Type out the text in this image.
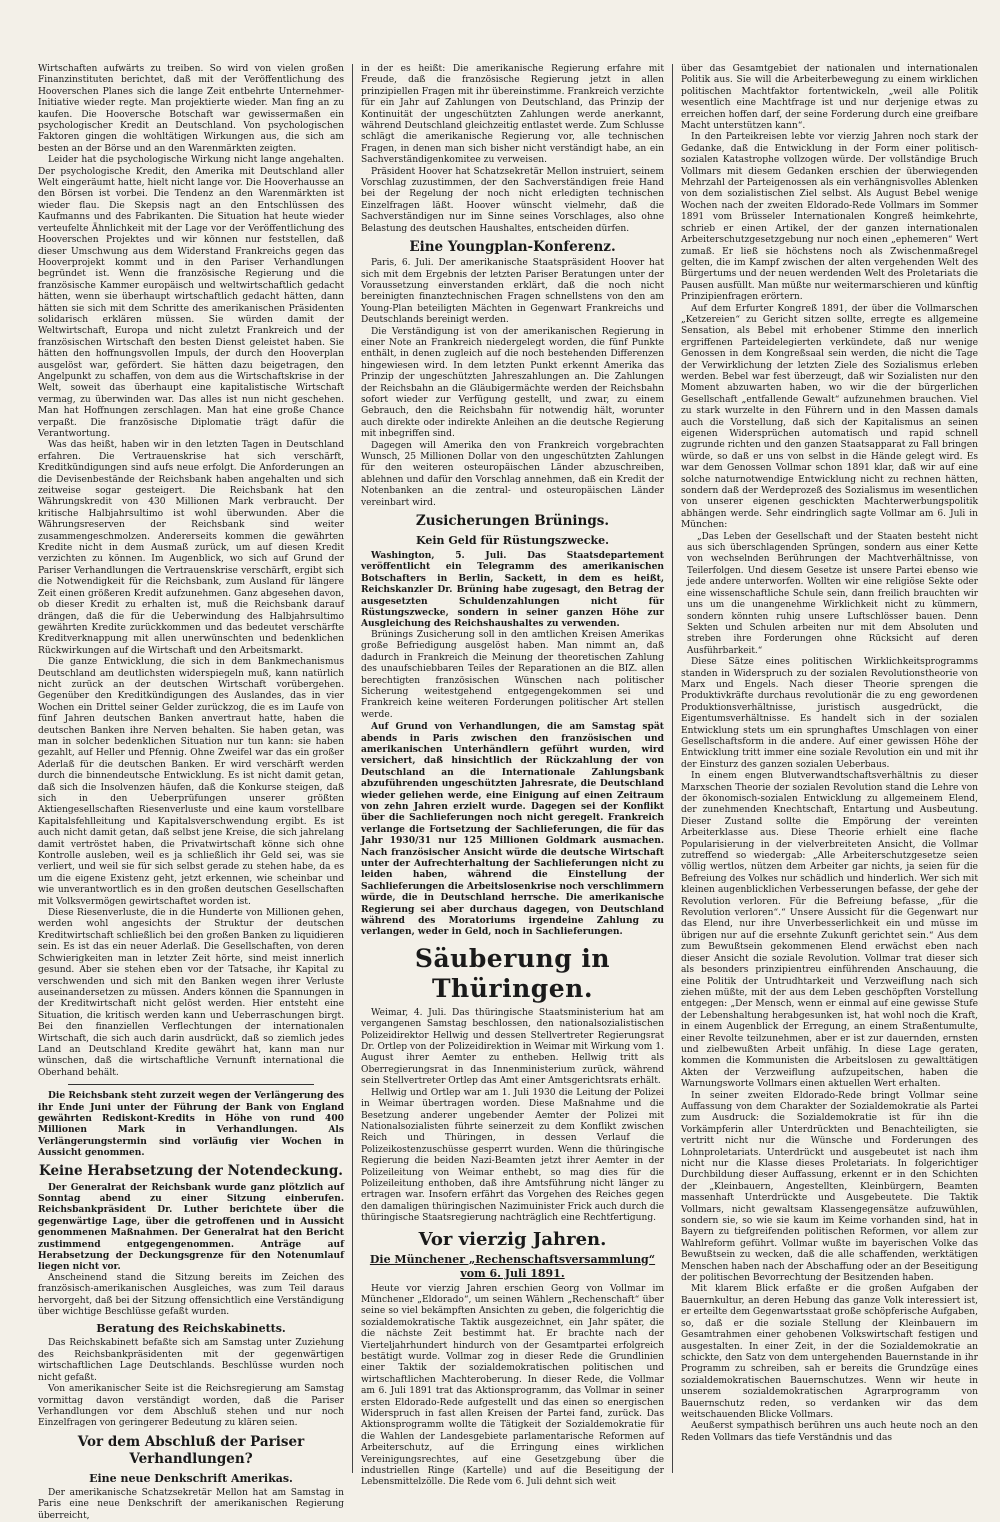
Wirtschaften aufwärts zu treiben. So wird von vielen großen Finanzinstituten berichtet, daß mit der Veröffentlichung des Hooverschen Planes sich die lange Zeit entbehrte Unternehmer-Initiative wieder regte. Man projektierte wieder. Man fing an zu kaufen. Die Hooversche Botschaft war gewissermaßen ein psychologischer Kredit an Deutschland. Von psychologischen Faktoren gingen die wohltätigen Wirkungen aus, die sich am besten an der Börse und an den Warenmärkten zeigten.

Leider hat die psychologische Wirkung nicht lange angehalten. Der psychologische Kredit, den Amerika mit Deutschland aller Welt eingeräumt hatte, hielt nicht lange vor. Die Hooverhausse an den Börsen ist vorbei. Die Tendenz an den Warenmärkten ist wieder flau. Die Skepsis nagt an den Entschlüssen des Kaufmanns und des Fabrikanten. Die Situation hat heute wieder verteufelte Ähnlichkeit mit der Lage vor der Veröffentlichung des Hooverschen Projektes und wir können nur feststellen, daß dieser Umschwung aus dem Widerstand Frankreichs gegen das Hooverprojekt kommt und in den Pariser Verhandlungen begründet ist. Wenn die französische Regierung und die französische Kammer europäisch und weltwirtschaftlich gedacht hätten, wenn sie überhaupt wirtschaftlich gedacht hätten, dann hätten sie sich mit dem Schritte des amerikanischen Präsidenten solidarisch erklären müssen. Sie würden damit der Weltwirtschaft, Europa und nicht zuletzt Frankreich und der französischen Wirtschaft den besten Dienst geleistet haben. Sie hätten den hoffnungsvollen Impuls, der durch den Hooverplan ausgelöst war, gefördert. Sie hätten dazu beigetragen, den Angelpunkt zu schaffen, von dem aus die Wirtschaftskrise in der Welt, soweit das überhaupt eine kapitalistische Wirtschaft vermag, zu überwinden war. Das alles ist nun nicht geschehen. Man hat Hoffnungen zerschlagen. Man hat eine große Chance verpaßt. Die französische Diplomatie trägt dafür die Verantwortung.

Was das heißt, haben wir in den letzten Tagen in Deutschland erfahren. Die Vertrauenskrise hat sich verschärft, Kreditkündigungen sind aufs neue erfolgt. Die Anforderungen an die Devisenbestände der Reichsbank haben angehalten und sich zeitweise sogar gesteigert. Die Reichsbank hat den Währungskredit von 430 Millionen Mark verbraucht. Der kritische Halbjahrsultimo ist wohl überwunden. Aber die Währungsreserven der Reichsbank sind weiter zusammengeschmolzen. Andererseits kommen die gewährten Kredite nicht in dem Ausmaß zurück, um auf diesen Kredit verzichten zu können. Im Augenblick, wo sich auf Grund der Pariser Verhandlungen die Vertrauenskrise verschärft, ergibt sich die Notwendigkeit für die Reichsbank, zum Ausland für längere Zeit einen größeren Kredit aufzunehmen. Ganz abgesehen davon, ob dieser Kredit zu erhalten ist, muß die Reichsbank darauf drängen, daß die für die Ueberwindung des Halbjahrsultimo gewährten Kredite zurückkommen und das bedeutet verschärfte Kreditverknappung mit allen unerwünschten und bedenklichen Rückwirkungen auf die Wirtschaft und den Arbeitsmarkt.

Die ganze Entwicklung, die sich in dem Bankmechanismus Deutschland am deutlichsten widerspiegeln muß, kann natürlich nicht zurück an der deutschen Wirtschaft vorübergehen. Gegenüber den Kreditkündigungen des Auslandes, das in vier Wochen ein Drittel seiner Gelder zurückzog, die es im Laufe von fünf Jahren deutschen Banken anvertraut hatte, haben die deutschen Banken ihre Nerven behalten. Sie haben getan, was man in solcher bedenklichen Situation nur tun kann: sie haben gezahlt, auf Heller und Pfennig. Ohne Zweifel war das ein großer Aderlaß für die deutschen Banken. Er wird verschärft werden durch die binnendeutsche Entwicklung. Es ist nicht damit getan, daß sich die Insolvenzen häufen, daß die Konkurse steigen, daß sich in den Ueberprüfungen unserer größten Aktiengesellschaften Riesenverluste und eine kaum vorstellbare Kapitalsfehlleitung und Kapitalsverschwendung ergibt. Es ist auch nicht damit getan, daß selbst jene Kreise, die sich jahrelang damit vertröstet haben, die Privatwirtschaft könne sich ohne Kontrolle ausleben, weil es ja schließlich ihr Geld sei, was sie verliert, und weil sie für sich selbst gerade zu stehen habe, da es um die eigene Existenz geht, jetzt erkennen, wie scheinbar und wie unverantwortlich es in den großen deutschen Gesellschaften mit Volksvermögen gewirtschaftet worden ist.

Diese Riesenverluste, die in die Hunderte von Millionen gehen, werden wohl angesichts der Struktur der deutschen Kreditwirtschaft schließlich bei den großen Banken zu liquidieren sein. Es ist das ein neuer Aderlaß. Die Gesellschaften, von deren Schwierigkeiten man in letzter Zeit hörte, sind meist innerlich gesund. Aber sie stehen eben vor der Tatsache, ihr Kapital zu verschwenden und sich mit den Banken wegen ihrer Verluste auseinandersetzen zu müssen. Anders können die Spannungen in der Kreditwirtschaft nicht gelöst werden. Hier entsteht eine Situation, die kritisch werden kann und Ueberraschungen birgt. Bei den finanziellen Verflechtungen der internationalen Wirtschaft, die sich auch darin ausdrückt, daß so ziemlich jedes Land an Deutschland Kredite gewährt hat, kann man nur wünschen, daß die wirtschaftliche Vernunft international die Oberhand behält.

Die Reichsbank steht zurzeit wegen der Verlängerung des ihr Ende Juni unter der Führung der Bank von England gewährten Rediskont-Kredits in Höhe von rund 400 Millionen Mark in Verhandlungen. Als Verlängerungstermin sind vorläufig vier Wochen in Aussicht genommen.

Keine Herabsetzung der Notendeckung.

Der Generalrat der Reichsbank wurde ganz plötzlich auf Sonntag abend zu einer Sitzung einberufen. Reichsbankpräsident Dr. Luther berichtete über die gegenwärtige Lage, über die getroffenen und in Aussicht genommenen Maßnahmen. Der Generalrat hat den Bericht zustimmend entgegengenommen. Anträge auf Herabsetzung der Deckungsgrenze für den Notenumlauf liegen nicht vor.

Anscheinend stand die Sitzung bereits im Zeichen des französisch-amerikanischen Ausgleiches, was zum Teil daraus hervorgeht, daß bei der Sitzung offensichtlich eine Verständigung über wichtige Beschlüsse gefaßt wurden.

Beratung des Reichskabinetts.

Das Reichskabinett befaßte sich am Samstag unter Zuziehung des Reichsbankpräsidenten mit der gegenwärtigen wirtschaftlichen Lage Deutschlands. Beschlüsse wurden noch nicht gefaßt.

Von amerikanischer Seite ist die Reichsregierung am Samstag vormittag davon verständigt worden, daß die Pariser Verhandlungen vor dem Abschluß stehen und nur noch Einzelfragen von geringerer Bedeutung zu klären seien.

Vor dem Abschluß der Pariser Verhandlungen?
Eine neue Denkschrift Amerikas.

Der amerikanische Schatzsekretär Mellon hat am Samstag in Paris eine neue Denkschrift der amerikanischen Regierung überreicht,

in der es heißt: Die amerikanische Regierung erfahre mit Freude, daß die französische Regierung jetzt in allen prinzipiellen Fragen mit ihr übereinstimme. Frankreich verzichte für ein Jahr auf Zahlungen von Deutschland, das Prinzip der Kontinuität der ungeschützten Zahlungen werde anerkannt, während Deutschland gleichzeitig entlastet werde. Zum Schlusse schlägt die amerikanische Regierung vor, alle technischen Fragen, in denen man sich bisher nicht verständigt habe, an ein Sachverständigenkomitee zu verweisen.

Präsident Hoover hat Schatzsekretär Mellon instruiert, seinem Vorschlag zuzustimmen, der den Sachverständigen freie Hand bei der Regelung der noch nicht erledigten technischen Einzelfragen läßt. Hoover wünscht vielmehr, daß die Sachverständigen nur im Sinne seines Vorschlages, also ohne Belastung des deutschen Haushaltes, entscheiden dürfen.

Eine Youngplan-Konferenz.

Paris, 6. Juli. Der amerikanische Staatspräsident Hoover hat sich mit dem Ergebnis der letzten Pariser Beratungen unter der Voraussetzung einverstanden erklärt, daß die noch nicht bereinigten finanztechnischen Fragen schnellstens von den am Young-Plan beteiligten Mächten in Gegenwart Frankreichs und Deutschlands bereinigt werden.

Die Verständigung ist von der amerikanischen Regierung in einer Note an Frankreich niedergelegt worden, die fünf Punkte enthält, in denen zugleich auf die noch bestehenden Differenzen hingewiesen wird. In dem letzten Punkt erkennt Amerika das Prinzip der ungeschützten Jahreszahlungen an. Die Zahlungen der Reichsbahn an die Gläubigermächte werden der Reichsbahn sofort wieder zur Verfügung gestellt, und zwar, zu einem Gebrauch, den die Reichsbahn für notwendig hält, worunter auch direkte oder indirekte Anleihen an die deutsche Regierung mit inbegriffen sind.

Dagegen will Amerika den von Frankreich vorgebrachten Wunsch, 25 Millionen Dollar von den ungeschützten Zahlungen für den weiteren osteuropäischen Länder abzuschreiben, ablehnen und dafür den Vorschlag annehmen, daß ein Kredit der Notenbanken an die zentral- und osteuropäischen Länder vereinbart wird.

Zusicherungen Brünings.
Kein Geld für Rüstungszwecke.

Washington, 5. Juli. Das Staatsdepartement veröffentlicht ein Telegramm des amerikanischen Botschafters in Berlin, Sackett, in dem es heißt, Reichskanzler Dr. Brüning habe zugesagt, den Betrag der ausgesetzten Schuldenzahlungen nicht für Rüstungszwecke, sondern in seiner ganzen Höhe zur Ausgleichung des Reichshaushaltes zu verwenden.

Brünings Zusicherung soll in den amtlichen Kreisen Amerikas große Befriedigung ausgelöst haben. Man nimmt an, daß dadurch in Frankreich die Meinung der theoretischen Zahlung des unaufschiebbaren Teiles der Reparationen an die BIZ. allen berechtigten französischen Wünschen nach politischer Sicherung weitestgehend entgegengekommen sei und Frankreich keine weiteren Forderungen politischer Art stellen werde.

Auf Grund von Verhandlungen, die am Samstag spät abends in Paris zwischen den französischen und amerikanischen Unterhändlern geführt wurden, wird versichert, daß hinsichtlich der Rückzahlung der von Deutschland an die Internationale Zahlungsbank abzuführenden ungeschützten Jahresrate, die Deutschland wieder geliehen werde, eine Einigung auf einen Zeitraum von zehn Jahren erzielt wurde. Dagegen sei der Konflikt über die Sachlieferungen noch nicht geregelt. Frankreich verlange die Fortsetzung der Sachlieferungen, die für das Jahr 1930/31 nur 125 Millionen Goldmark ausmachen. Nach französischer Ansicht würde die deutsche Wirtschaft unter der Aufrechterhaltung der Sachlieferungen nicht zu leiden haben, während die Einstellung der Sachlieferungen die Arbeitslosenkrise noch verschlimmern würde, die in Deutschland herrsche. Die amerikanische Regierung sei aber durchaus dagegen, von Deutschland während des Moratoriums irgendeine Zahlung zu verlangen, weder in Geld, noch in Sachlieferungen.

Säuberung in Thüringen.

Weimar, 4. Juli. Das thüringische Staatsministerium hat am vergangenen Samstag beschlossen, den nationalsozialistischen Polizeidirektor Hellwig und dessen Stellvertreter Regierungsrat Dr. Ortlep von der Polizeidirektion in Weimar mit Wirkung vom 1. August ihrer Aemter zu entheben. Hellwig tritt als Oberregierungsrat in das Innenministerium zurück, während sein Stellvertreter Ortlep das Amt einer Amtsgerichtsrats erhält.

Hellwig und Ortlep war am 1. Juli 1930 die Leitung der Polizei in Weimar übertragen worden. Diese Maßnahme und die Besetzung anderer ungebender Aemter der Polizei mit Nationalsozialisten führte seinerzeit zu dem Konflikt zwischen Reich und Thüringen, in dessen Verlauf die Polizeikostenzuschüsse gesperrt wurden. Wenn die thüringische Regierung die beiden Nazi-Beamten jetzt ihrer Aemter in der Polizeileitung von Weimar enthebt, so mag dies für die Polizeileitung enthoben, daß ihre Amtsführung nicht länger zu ertragen war. Insofern erfährt das Vorgehen des Reiches gegen den damaligen thüringischen Nazimuinister Frick auch durch die thüringische Staatsregierung nachträglich eine Rechtfertigung.

Vor vierzig Jahren.
Die Münchener „Rechenschaftsversammlung“ vom 6. Juli 1891.

Heute vor vierzig Jahren erschien Georg von Vollmar im Münchener „Eldorado“, um seinen Wählern „Rechenschaft“ über seine so viel bekämpften Ansichten zu geben, die folgerichtig die sozialdemokratische Taktik ausgezeichnet, ein Jahr später, die die nächste Zeit bestimmt hat. Er brachte nach der Vierteljahrhundert hindurch von der Gesamtpartei erfolgreich bestätigt wurde. Vollmar zog in dieser Rede die Grundlinien einer Taktik der sozialdemokratischen politischen und wirtschaftlichen Machteroberung. In dieser Rede, die Vollmar am 6. Juli 1891 trat das Aktionsprogramm, das Vollmar in seiner ersten Eldorado-Rede aufgestellt und das einen so energischen Widerspruch in fast allen Kreisen der Partei fand, zurück. Das Aktionsprogramm wollte die Tätigkeit der Sozialdemokratie für die Wahlen der Landesgebiete parlamentarische Reformen auf Arbeiterschutz, auf die Erringung eines wirklichen Vereinigungsrechtes, auf eine Gesetzgebung über die industriellen Ringe (Kartelle) und auf die Beseitigung der Lebensmittelzölle. Die Rede vom 6. Juli dehnt sich weit

über das Gesamtgebiet der nationalen und internationalen Politik aus. Sie will die Arbeiterbewegung zu einem wirklichen politischen Machtfaktor fortentwickeln, „weil alle Politik wesentlich eine Machtfrage ist und nur derjenige etwas zu erreichen hoffen darf, der seine Forderung durch eine greifbare Macht unterstützen kann“.

In den Parteikreisen lebte vor vierzig Jahren noch stark der Gedanke, daß die Entwicklung in der Form einer politisch-sozialen Katastrophe vollzogen würde. Der vollständige Bruch Vollmars mit diesem Gedanken erschien der überwiegenden Mehrzahl der Parteigenossen als ein verhängnisvolles Ablenken von dem sozialistischen Ziel selbst. Als August Bebel wenige Wochen nach der zweiten Eldorado-Rede Vollmars im Sommer 1891 vom Brüsseler Internationalen Kongreß heimkehrte, schrieb er einen Artikel, der der ganzen internationalen Arbeiterschutzgesetzgebung nur noch einen „ephemeren“ Wert zumaß. Er ließ sie höchstens noch als Zwischenmaßregel gelten, die im Kampf zwischen der alten vergehenden Welt des Bürgertums und der neuen werdenden Welt des Proletariats die Pausen ausfüllt. Man müßte nur weitermarschieren und künftig Prinzipienfragen erörtern.

Auf dem Erfurter Kongreß 1891, der über die Vollmarschen „Ketzereien“ zu Gericht sitzen sollte, erregte es allgemeine Sensation, als Bebel mit erhobener Stimme den innerlich ergriffenen Parteidelegierten verkündete, daß nur wenige Genossen in dem Kongreßsaal sein werden, die nicht die Tage der Verwirklichung der letzten Ziele des Sozialismus erleben werden. Bebel war fest überzeugt, daß wir Sozialisten nur den Moment abzuwarten haben, wo wir die der bürgerlichen Gesellschaft „entfallende Gewalt“ aufzunehmen brauchen. Viel zu stark wurzelte in den Führern und in den Massen damals auch die Vorstellung, daß sich der Kapitalismus an seinen eigenen Widersprüchen automatisch und rapid schnell zugrunde richten und den ganzen Staatsapparat zu Fall bringen würde, so daß er uns von selbst in die Hände gelegt wird. Es war dem Genossen Vollmar schon 1891 klar, daß wir auf eine solche naturnotwendige Entwicklung nicht zu rechnen hätten, sondern daß der Werdeprozeß des Sozialismus im wesentlichen von unserer eigenen geschickten Machterwerbungspolitik abhängen werde. Sehr eindringlich sagte Vollmar am 6. Juli in München:

„Das Leben der Gesellschaft und der Staaten besteht nicht aus sich überschlagenden Sprüngen, sondern aus einer Kette von wechselnden Berührungen der Machtverhältnisse, von Teilerfolgen. Und diesem Gesetze ist unsere Partei ebenso wie jede andere unterworfen. Wollten wir eine religiöse Sekte oder eine wissenschaftliche Schule sein, dann freilich brauchten wir uns um die unangenehme Wirklichkeit nicht zu kümmern, sondern könnten ruhig unsere Luftschlösser bauen. Denn Sekten und Schulen arbeiten nur mit dem Absoluten und streben ihre Forderungen ohne Rücksicht auf deren Ausführbarkeit.“

Diese Sätze eines politischen Wirklichkeitsprogramms standen in Widerspruch zu der sozialen Revolutionstheorie von Marx und Engels. Nach dieser Theorie sprengen die Produktivkräfte durchaus revolutionär die zu eng gewordenen Produktionsverhältnisse, juristisch ausgedrückt, die Eigentumsverhältnisse. Es handelt sich in der sozialen Entwicklung stets um ein sprunghaftes Umschlagen von einer Gesellschaftsform in die andere. Auf einer gewissen Höhe der Entwicklung tritt immer eine soziale Revolution ein und mit ihr der Einsturz des ganzen sozialen Ueberbaus.

In einem engen Blutverwandtschaftsverhältnis zu dieser Marxschen Theorie der sozialen Revolution stand die Lehre von der ökonomisch-sozialen Entwicklung zu allgemeinem Elend, der zunehmenden Knechtschaft, Entartung und Ausbeutung. Dieser Zustand sollte die Empörung der vereinten Arbeiterklasse aus. Diese Theorie erhielt eine flache Popularisierung in der vielverbreiteten Ansicht, die Vollmar zutreffend so wiedergab: „Alle Arbeiterschutzgesetze seien völlig wertlos, nützen dem Arbeiter gar nichts, ja seien für die Befreiung des Volkes nur schädlich und hinderlich. Wer sich mit kleinen augenblicklichen Verbesserungen befasse, der gehe der Revolution verloren. Für die Befreiung befasse, „für die Revolution verloren“.“ Unsere Aussicht für die Gegenwart nur das Elend, nur ihre Unverbesserlichkeit ein und müsse im übrigen nur auf die ersehnte Zukunft gerichtet sein.“ Aus dem zum Bewußtsein gekommenen Elend erwächst eben nach dieser Ansicht die soziale Revolution. Vollmar trat dieser sich als besonders prinzipientreu einführenden Anschauung, die eine Politik der Untrudhtarkeit und Verzweiflung nach sich ziehen müßte, mit der aus dem Leben geschöpften Vorstellung entgegen: „Der Mensch, wenn er einmal auf eine gewisse Stufe der Lebenshaltung herabgesunken ist, hat wohl noch die Kraft, in einem Augenblick der Erregung, an einem Straßentumulte, einer Revolte teilzunehmen, aber er ist zur dauernden, ernsten und zielbewußten Arbeit unfähig. In diese Lage geraten, kommen die Kommunisten die Arbeitslosen zu gewalttätigen Akten der Verzweiflung aufzupeitschen, haben die Warnungsworte Vollmars einen aktuellen Wert erhalten.

In seiner zweiten Eldorado-Rede bringt Vollmar seine Auffassung von dem Charakter der Sozialdemokratie als Partei zum Ausdruck: die Sozialdemokratie ist für ihn die Vorkämpferin aller Unterdrückten und Benachteiligten, sie vertritt nicht nur die Wünsche und Forderungen des Lohnproletariats. Unterdrückt und ausgebeutet ist nach ihm nicht nur die Klasse dieses Proletariats. In folgerichtiger Durchbildung dieser Auffassung, erkennt er in den Schichten der „Kleinbauern, Angestellten, Kleinbürgern, Beamten massenhaft Unterdrückte und Ausgebeutete. Die Taktik Vollmars, nicht gewaltsam Klassengegensätze aufzuwühlen, sondern sie, so wie sie kaum im Keime vorhanden sind, hat in Bayern zu tiefgreifenden politischen Reformen, vor allem zur Wahlreform geführt. Vollmar wußte im bayerischen Volke das Bewußtsein zu wecken, daß die alle schaffenden, werktätigen Menschen haben nach der Abschaffung oder an der Beseitigung der politischen Bevorrechtung der Besitzenden haben.

Mit klarem Blick erfaßte er die großen Aufgaben der Bauernkultur, an deren Hebung das ganze Volk interessiert ist, er erteilte dem Gegenwartsstaat große schöpferische Aufgaben, so, daß er die soziale Stellung der Kleinbauern im Gesamtrahmen einer gehobenen Volkswirtschaft festigen und ausgestalten. In einer Zeit, in der die Sozialdemokratie an schickte, den Satz von dem untergehenden Bauernstande in ihr Programm zu schreiben, sah er bereits die Grundzüge eines sozialdemokratischen Bauernschutzes. Wenn wir heute in unserem sozialdemokratischen Agrarprogramm von Bauernschutz reden, so verdanken wir das dem weitschauenden Blicke Vollmars.

Aeußerst sympathisch berühren uns auch heute noch an den Reden Vollmars das tiefe Verständnis und das
